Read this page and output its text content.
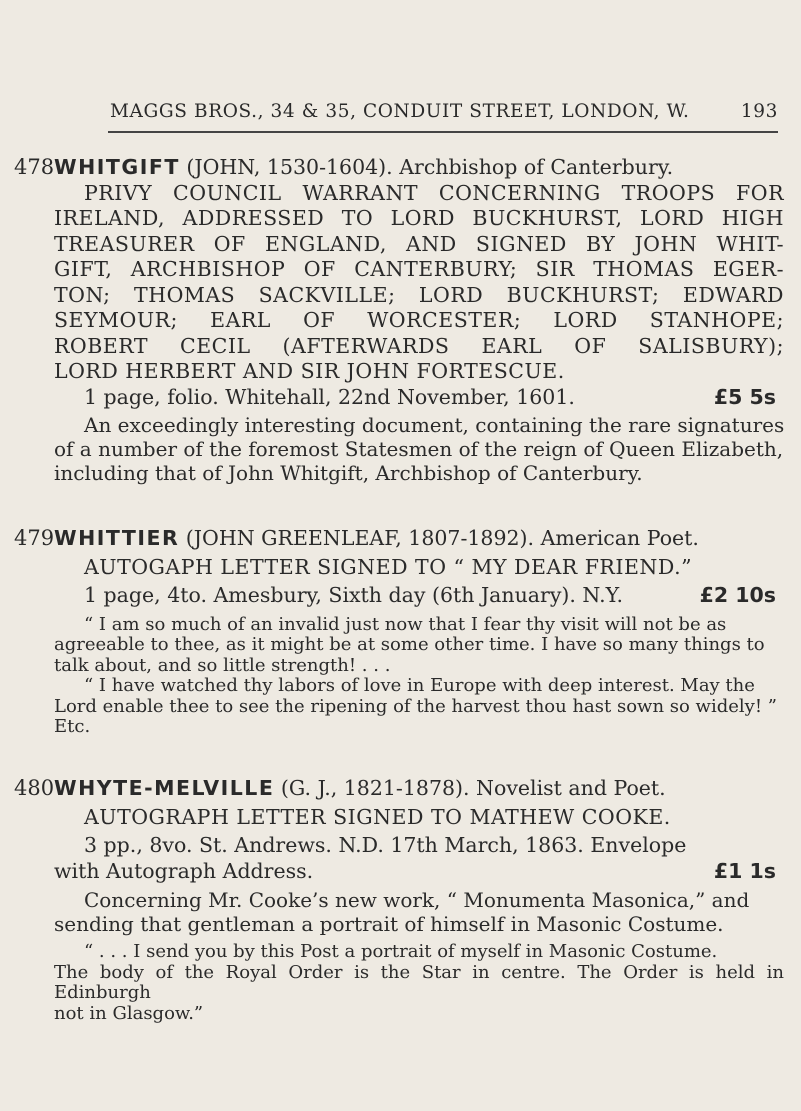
MAGGS BROS., 34 & 35, CONDUIT STREET, LONDON, W.	193
478 WHITGIFT (JOHN, 1530-1604). Archbishop of Canterbury.
PRIVY COUNCIL WARRANT CONCERNING TROOPS FOR
IRELAND, ADDRESSED TO LORD BUCKHURST, LORD HIGH
TREASURER OF ENGLAND, AND SIGNED BY JOHN WHIT-
GIFT, ARCHBISHOP OF CANTERBURY; SIR THOMAS EGER-
TON; THOMAS SACKVILLE; LORD BUCKHURST; EDWARD
SEYMOUR; EARL OF WORCESTER; LORD STANHOPE;
ROBERT CECIL (AFTERWARDS EARL OF SALISBURY);
LORD HERBERT AND SIR JOHN FORTESCUE.
1 page, folio. Whitehall, 22nd November, 1601.	£5 5s
An exceedingly interesting document, containing the rare signatures
of a number of the foremost Statesmen of the reign of Queen Elizabeth,
including that of John Whitgift, Archbishop of Canterbury.
479 WHITTIER (JOHN GREENLEAF, 1807-1892). American Poet.
AUTOGAPH LETTER SIGNED TO “ MY DEAR FRIEND.”
1 page, 4to. Amesbury, Sixth day (6th January). N.Y.	£2 10s
“ I am so much of an invalid just now that I fear thy visit will not be as
agreeable to thee, as it might be at some other time. I have so many things to
talk about, and so little strength! . . .
“ I have watched thy labors of love in Europe with deep interest. May the
Lord enable thee to see the ripening of the harvest thou hast sown so widely! ”
Etc.
480 WHYTE-MELVILLE (G. J., 1821-1878). Novelist and Poet.
AUTOGRAPH LETTER SIGNED TO MATHEW COOKE.
3 pp., 8vo. St. Andrews. N.D. 17th March, 1863. Envelope
with Autograph Address.	£1 1s
Concerning Mr. Cooke’s new work, “ Monumenta Masonica,” and
sending that gentleman a portrait of himself in Masonic Costume.
“ . . . I send you by this Post a portrait of myself in Masonic Costume.
The body of the Royal Order is the Star in centre. The Order is held in Edinburgh
not in Glasgow.”
